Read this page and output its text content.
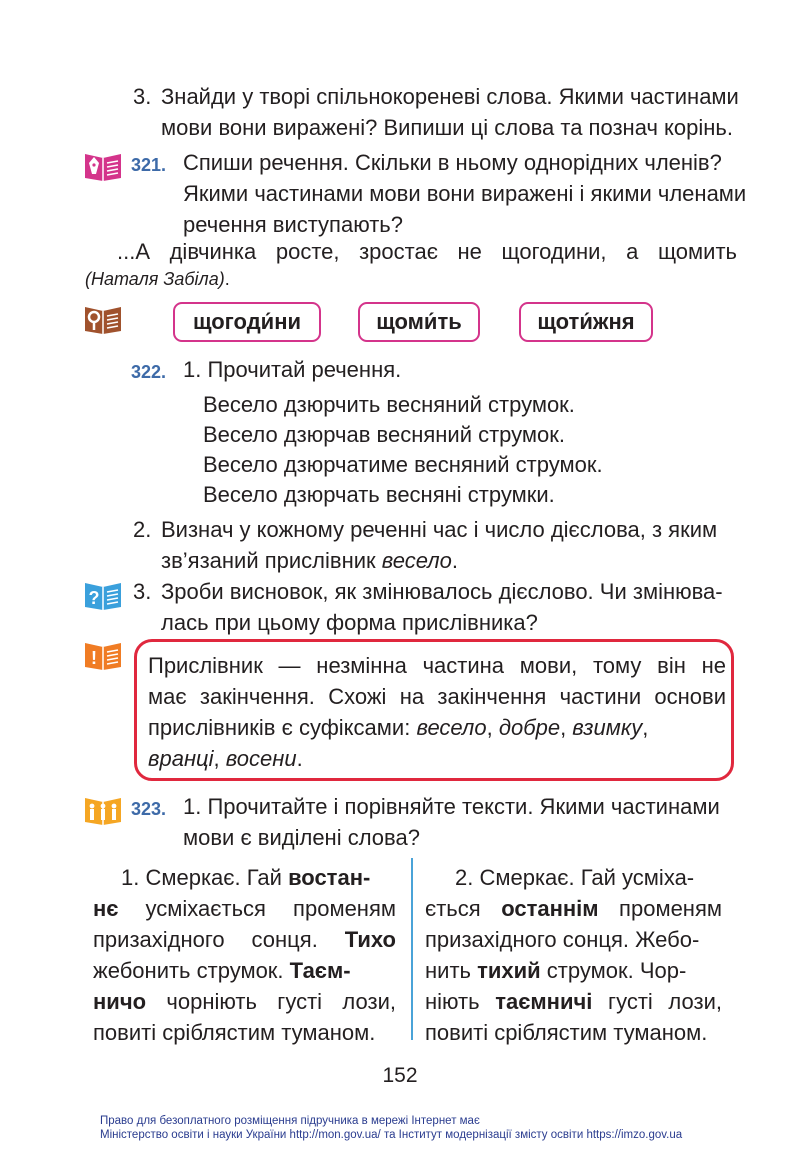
3. Знайди у творі спільнокореневі слова. Якими частинами
мови вони виражені? Випиши ці слова та познач корінь.
321. Спиши речення. Скільки в ньому однорідних членів?
Якими частинами мови вони виражені і якими членами
речення виступають?
...А дівчинка росте, зростає не щогодини, а щомить
(Наталя Забіла).
щогодини	щомить	щотижня
322. 1. Прочитай речення.
Весело дзюрчить весняний струмок.
Весело дзюрчав весняний струмок.
Весело дзюрчатиме весняний струмок.
Весело дзюрчать весняні струмки.
2. Визнач у кожному реченні час і число дієслова, з яким
зв’язаний прислівник весело.
? 3. Зроби висновок, як змінювалось дієслово. Чи змінюва-
лась при цьому форма прислівника?
! Прислівник — незмінна частина мови, тому він не
має закінчення. Схожі на закінчення частини основи
прислівників є суфіксами: весело, добре, взимку,
вранці, восени.
323. 1. Прочитайте і порівняйте тексти. Якими частинами
мови є виділені слова?
1. Смеркає. Гай востан-
нє усміхається променям призахідного сонця. Тихо жебонить струмок. Таєм-
ничо чорніють густі лози, повиті сріблястим туманом.
2. Смеркає. Гай усміха-
ється останнім променям призахідного сонця. Жебо-
нить тихий струмок. Чор-
ніють таємничі густі лози, повиті сріблястим туманом.
152
Право для безоплатного розміщення підручника в мережі Інтернет має
Міністерство освіти і науки України http://mon.gov.ua/ та Інститут модернізації змісту освіти https://imzo.gov.ua
